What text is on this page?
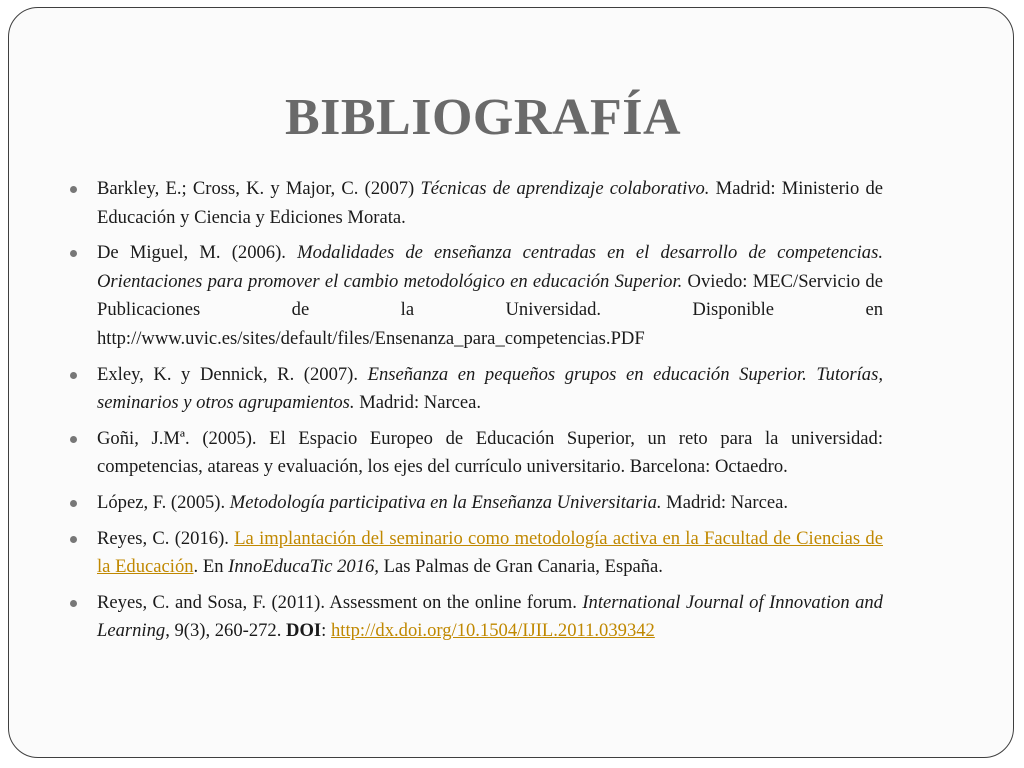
BIBLIOGRAFÍA
Barkley, E.; Cross, K. y Major, C. (2007) Técnicas de aprendizaje colaborativo. Madrid: Ministerio de Educación y Ciencia y Ediciones Morata.
De Miguel, M. (2006). Modalidades de enseñanza centradas en el desarrollo de competencias. Orientaciones para promover el cambio metodológico en educación Superior. Oviedo: MEC/Servicio de Publicaciones de la Universidad. Disponible en http://www.uvic.es/sites/default/files/Ensenanza_para_competencias.PDF
Exley, K. y Dennick, R. (2007). Enseñanza en pequeños grupos en educación Superior. Tutorías, seminarios y otros agrupamientos. Madrid: Narcea.
Goñi, J.Mª. (2005). El Espacio Europeo de Educación Superior, un reto para la universidad: competencias, atareas y evaluación, los ejes del currículo universitario. Barcelona: Octaedro.
López, F. (2005). Metodología participativa en la Enseñanza Universitaria. Madrid: Narcea.
Reyes, C. (2016). La implantación del seminario como metodología activa en la Facultad de Ciencias de la Educación. En InnoEducaTic 2016, Las Palmas de Gran Canaria, España.
Reyes, C. and Sosa, F. (2011). Assessment on the online forum. International Journal of Innovation and Learning, 9(3), 260-272. DOI: http://dx.doi.org/10.1504/IJIL.2011.039342
